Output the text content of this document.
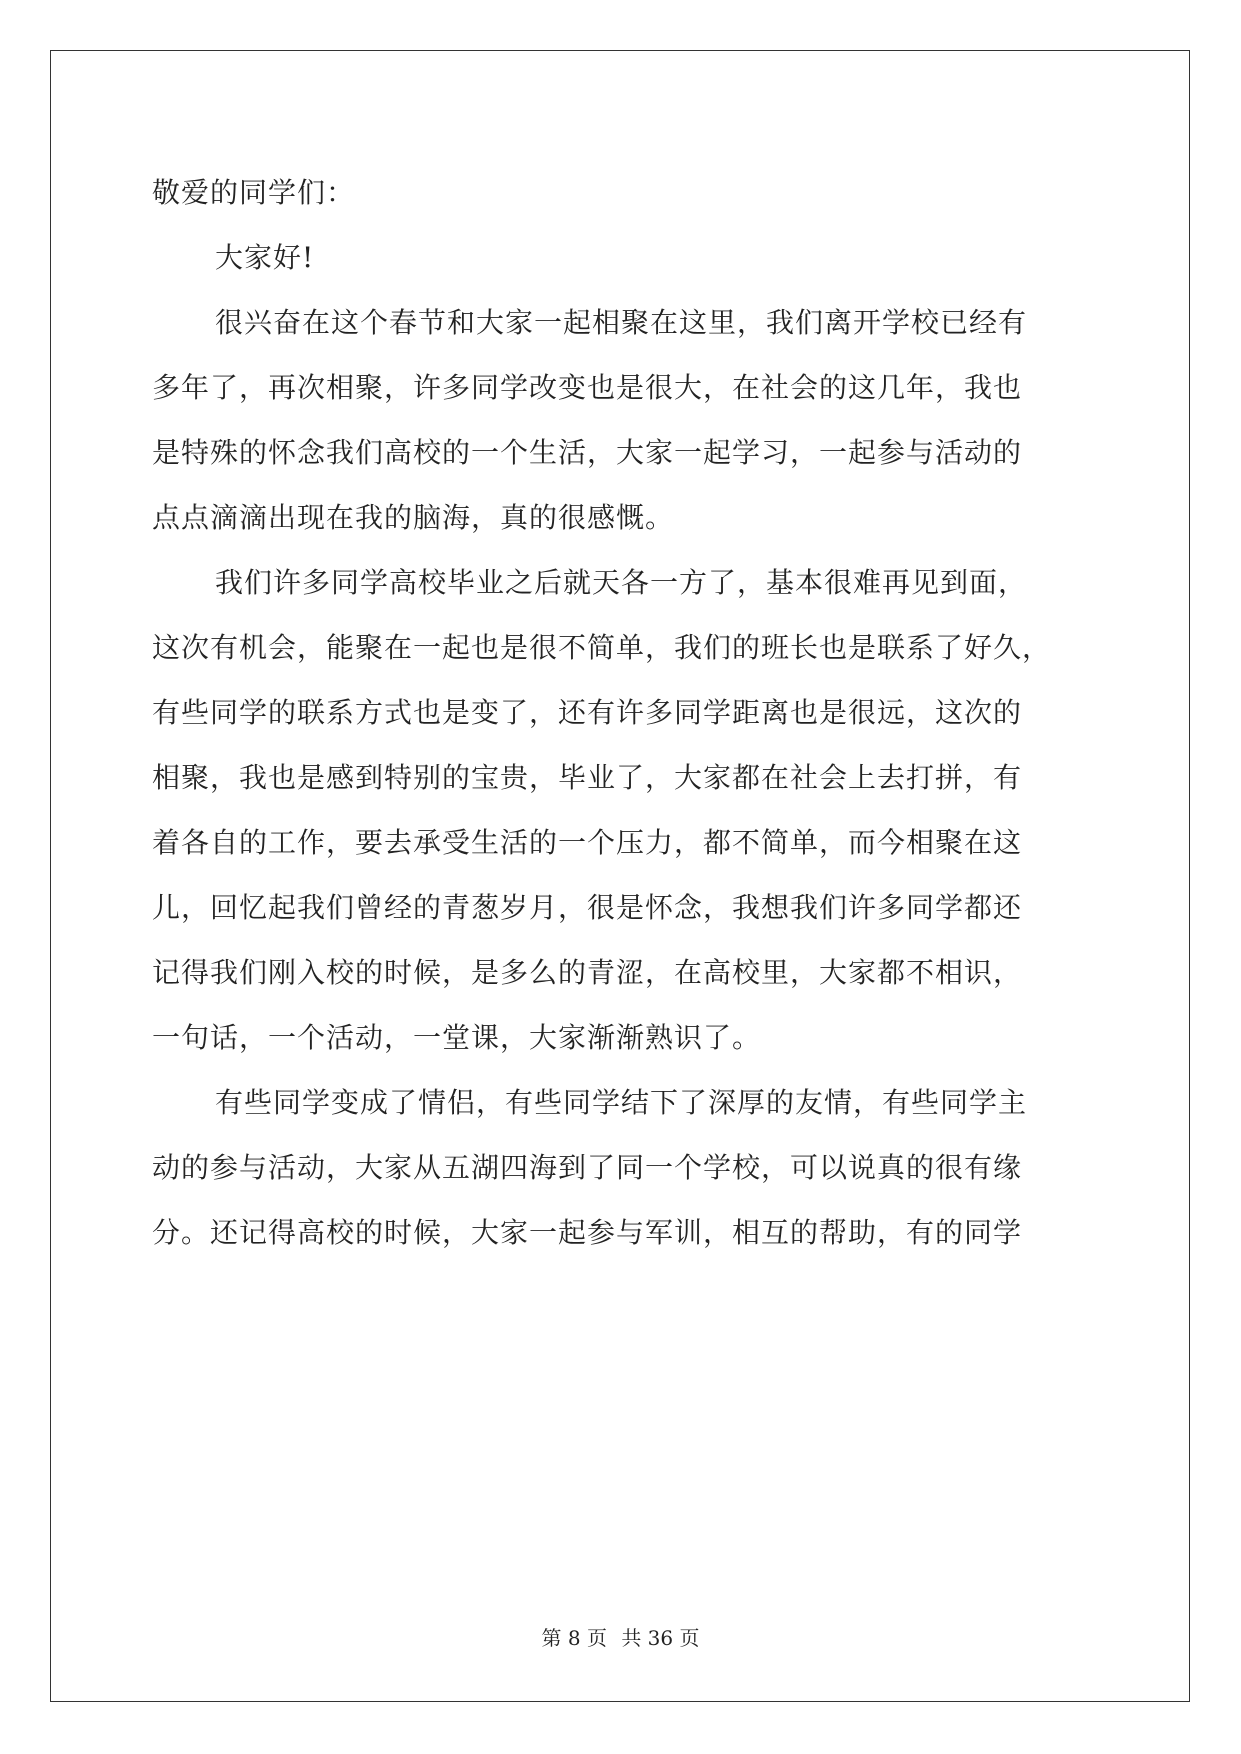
敬爱的同学们：
大家好!
很兴奋在这个春节和大家一起相聚在这里，我们离开学校已经有
多年了，再次相聚，许多同学改变也是很大，在社会的这几年，我也
是特殊的怀念我们高校的一个生活，大家一起学习，一起参与活动的
点点滴滴出现在我的脑海，真的很感慨。
我们许多同学高校毕业之后就天各一方了，基本很难再见到面，
这次有机会，能聚在一起也是很不简单，我们的班长也是联系了好久，
有些同学的联系方式也是变了，还有许多同学距离也是很远，这次的
相聚，我也是感到特别的宝贵，毕业了，大家都在社会上去打拼，有
着各自的工作，要去承受生活的一个压力，都不简单，而今相聚在这
儿，回忆起我们曾经的青葱岁月，很是怀念，我想我们许多同学都还
记得我们刚入校的时候，是多么的青涩，在高校里，大家都不相识，
一句话，一个活动，一堂课，大家渐渐熟识了。
有些同学变成了情侣，有些同学结下了深厚的友情，有些同学主
动的参与活动，大家从五湖四海到了同一个学校，可以说真的很有缘
分。还记得高校的时候，大家一起参与军训，相互的帮助，有的同学
第 8 页 共 36 页
